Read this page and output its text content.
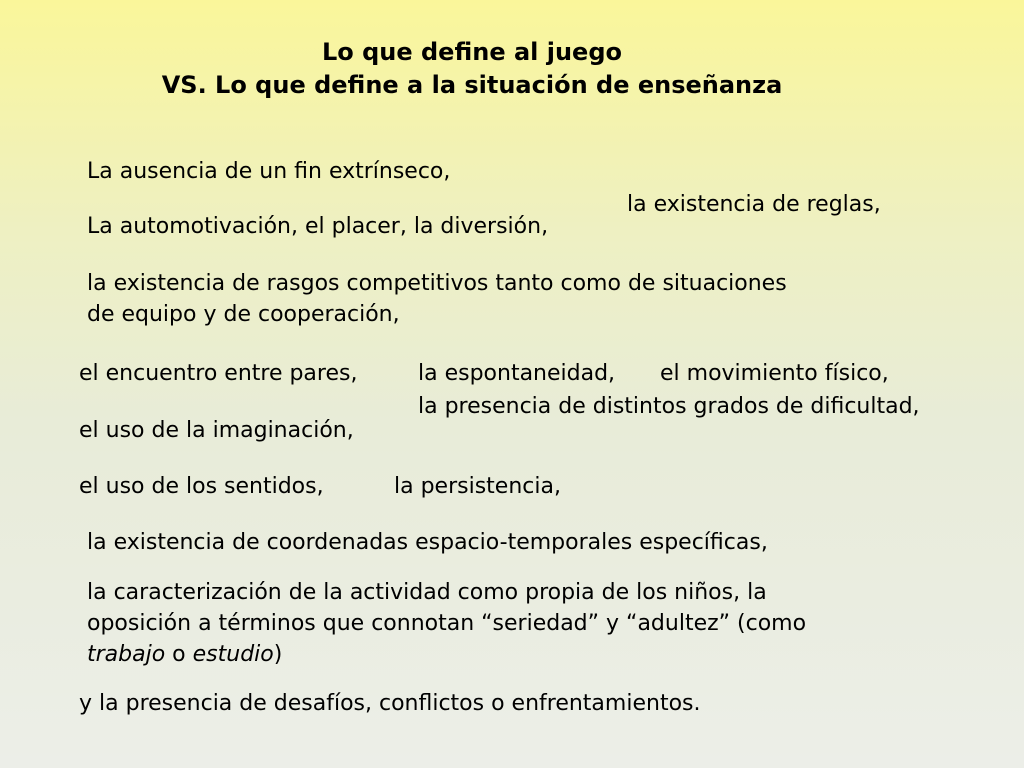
Lo que define al juego
VS. Lo que define a la situación de enseñanza
La ausencia de un fin extrínseco,
la existencia de reglas,
La automotivación, el placer, la diversión,
la existencia de rasgos competitivos tanto como de situaciones
de equipo y de cooperación,
el encuentro entre pares,	la espontaneidad, el movimiento físico,
la presencia de distintos grados de dificultad,
el uso de la imaginación,
el uso de los sentidos,	la persistencia,
la existencia de coordenadas espacio-temporales específicas,
la caracterización de la actividad como propia de los niños, la
oposición a términos que connotan “seriedad” y “adultez” (como
trabajo o estudio)
y la presencia de desafíos, conflictos o enfrentamientos.
